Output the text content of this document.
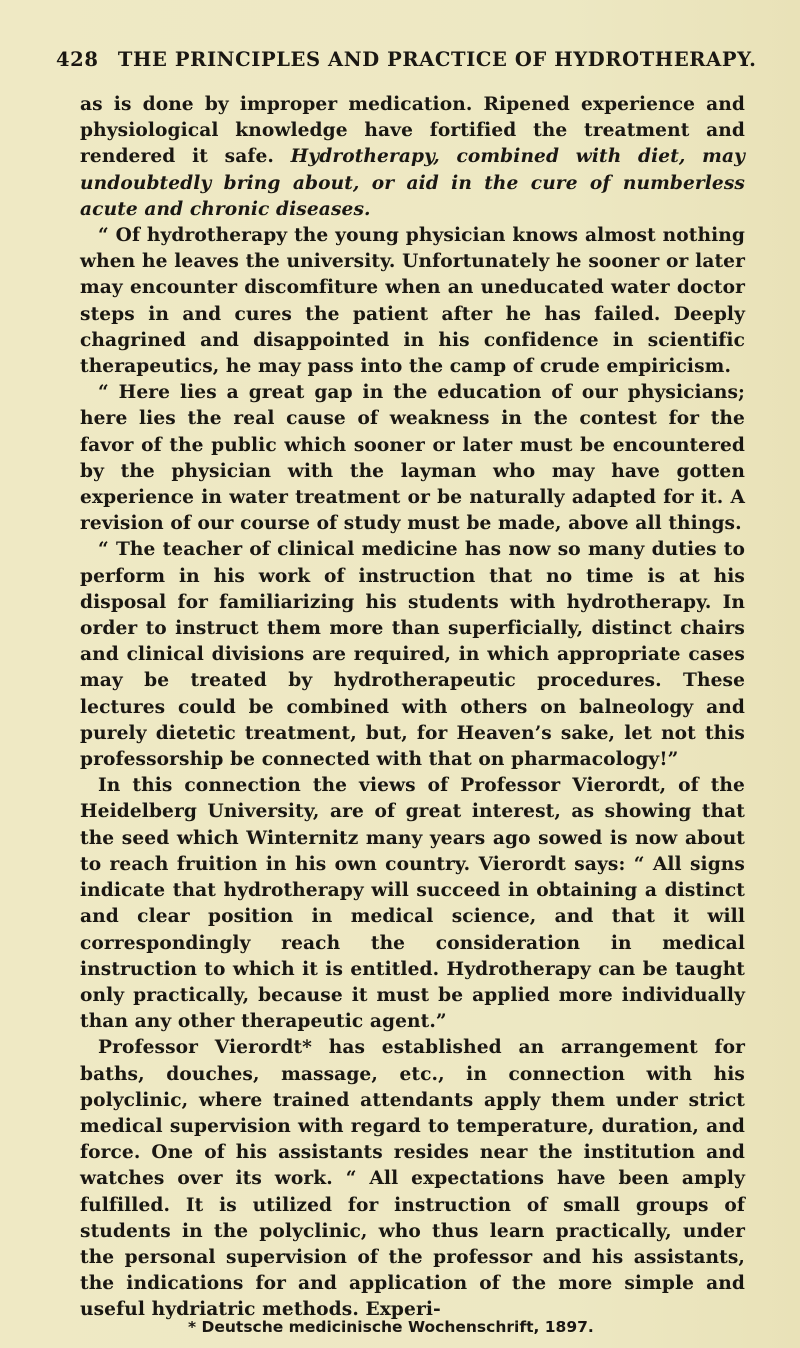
428 THE PRINCIPLES AND PRACTICE OF HYDROTHERAPY.

as is done by improper medication. Ripened experience and physiological knowledge have fortified the treatment and rendered it safe. Hydrotherapy, combined with diet, may undoubtedly bring about, or aid in the cure of numberless acute and chronic diseases.

“ Of hydrotherapy the young physician knows almost nothing when he leaves the university. Unfortunately he sooner or later may encounter discomfiture when an uneducated water doctor steps in and cures the patient after he has failed. Deeply chagrined and disappointed in his confidence in scientific therapeutics, he may pass into the camp of crude empiricism.

“ Here lies a great gap in the education of our physicians; here lies the real cause of weakness in the contest for the favor of the public which sooner or later must be encountered by the physician with the layman who may have gotten experience in water treatment or be naturally adapted for it. A revision of our course of study must be made, above all things.

“ The teacher of clinical medicine has now so many duties to perform in his work of instruction that no time is at his disposal for familiarizing his students with hydrotherapy. In order to instruct them more than superficially, distinct chairs and clinical divisions are required, in which appropriate cases may be treated by hydrotherapeutic procedures. These lectures could be combined with others on balneology and purely dietetic treatment, but, for Heaven’s sake, let not this professorship be connected with that on pharmacology!”

In this connection the views of Professor Vierordt, of the Heidelberg University, are of great interest, as showing that the seed which Winternitz many years ago sowed is now about to reach fruition in his own country. Vierordt says: “ All signs indicate that hydrotherapy will succeed in obtaining a distinct and clear position in medical science, and that it will correspondingly reach the consideration in medical instruction to which it is entitled. Hydrotherapy can be taught only practically, because it must be applied more individually than any other therapeutic agent.”

Professor Vierordt* has established an arrangement for baths, douches, massage, etc., in connection with his polyclinic, where trained attendants apply them under strict medical supervision with regard to temperature, duration, and force. One of his assistants resides near the institution and watches over its work. “ All expectations have been amply fulfilled. It is utilized for instruction of small groups of students in the polyclinic, who thus learn practically, under the personal supervision of the professor and his assistants, the indications for and application of the more simple and useful hydriatric methods. Experi-

* Deutsche medicinische Wochenschrift, 1897.
